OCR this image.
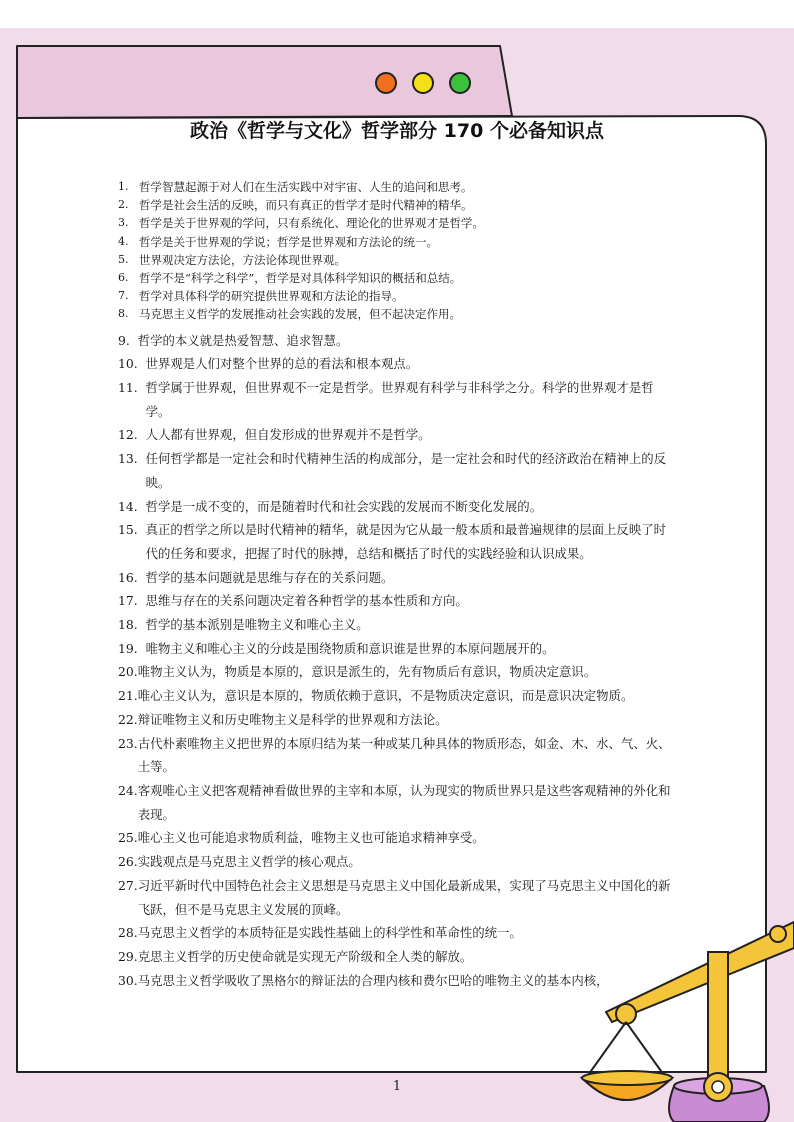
政治《哲学与文化》哲学部分 170 个必备知识点
1. 哲学智慧起源于对人们在生活实践中对宇宙、人生的追问和思考。
2. 哲学是社会生活的反映，而只有真正的哲学才是时代精神的精华。
3. 哲学是关于世界观的学问，只有系统化、理论化的世界观才是哲学。
4. 哲学是关于世界观的学说；哲学是世界观和方法论的统一。
5. 世界观决定方法论，方法论体现世界观。
6. 哲学不是“科学之科学”，哲学是对具体科学知识的概括和总结。
7. 哲学对具体科学的研究提供世界观和方法论的指导。
8. 马克思主义哲学的发展推动社会实践的发展，但不起决定作用。
9. 哲学的本义就是热爱智慧、追求智慧。
10. 世界观是人们对整个世界的总的看法和根本观点。
11. 哲学属于世界观，但世界观不一定是哲学。世界观有科学与非科学之分。科学的世界观才是哲学。
12. 人人都有世界观，但自发形成的世界观并不是哲学。
13. 任何哲学都是一定社会和时代精神生活的构成部分，是一定社会和时代的经济政治在精神上的反映。
14. 哲学是一成不变的，而是随着时代和社会实践的发展而不断变化发展的。
15. 真正的哲学之所以是时代精神的精华，就是因为它从最一般本质和最普遍规律的层面上反映了时代的任务和要求，把握了时代的脉搏，总结和概括了时代的实践经验和认识成果。
16. 哲学的基本问题就是思维与存在的关系问题。
17. 思维与存在的关系问题决定着各种哲学的基本性质和方向。
18. 哲学的基本派别是唯物主义和唯心主义。
19. 唯物主义和唯心主义的分歧是围绕物质和意识谁是世界的本原问题展开的。
20. 唯物主义认为，物质是本原的，意识是派生的，先有物质后有意识，物质决定意识。
21. 唯心主义认为，意识是本原的，物质依赖于意识，不是物质决定意识，而是意识决定物质。
22. 辩证唯物主义和历史唯物主义是科学的世界观和方法论。
23. 古代朴素唯物主义把世界的本原归结为某一种或某几种具体的物质形态，如金、木、水、气、火、土等。
24. 客观唯心主义把客观精神看做世界的主宰和本原，认为现实的物质世界只是这些客观精神的外化和表现。
25. 唯心主义也可能追求物质利益，唯物主义也可能追求精神享受。
26. 实践观点是马克思主义哲学的核心观点。
27. 习近平新时代中国特色社会主义思想是马克思主义中国化最新成果，实现了马克思主义中国化的新飞跃，但不是马克思主义发展的顶峰。
28. 马克思主义哲学的本质特征是实践性基础上的科学性和革命性的统一。
29. 克思主义哲学的历史使命就是实现无产阶级和全人类的解放。
30. 马克思主义哲学吸收了黑格尔的辩证法的合理内核和费尔巴哈的唯物主义的基本内核，
1
